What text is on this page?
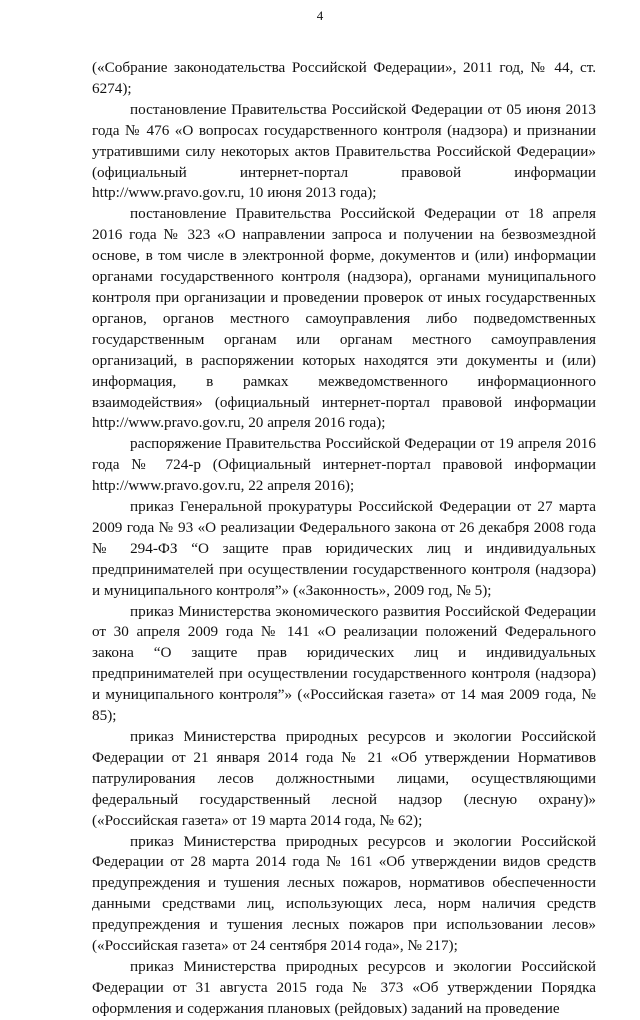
4

(«Собрание законодательства Российской Федерации», 2011 год, № 44, ст. 6274);

постановление Правительства Российской Федерации от 05 июня 2013 года № 476 «О вопросах государственного контроля (надзора) и признании утратившими силу некоторых актов Правительства Российской Федерации» (официальный интернет-портал правовой информации http://www.pravo.gov.ru, 10 июня 2013 года);

постановление Правительства Российской Федерации от 18 апреля 2016 года № 323 «О направлении запроса и получении на безвозмездной основе, в том числе в электронной форме, документов и (или) информации органами государственного контроля (надзора), органами муниципального контроля при организации и проведении проверок от иных государственных органов, органов местного самоуправления либо подведомственных государственным органам или органам местного самоуправления организаций, в распоряжении которых находятся эти документы и (или) информация, в рамках межведомственного информационного взаимодействия» (официальный интернет-портал правовой информации http://www.pravo.gov.ru, 20 апреля 2016 года);

распоряжение Правительства Российской Федерации от 19 апреля 2016 года № 724-р (Официальный интернет-портал правовой информации http://www.pravo.gov.ru, 22 апреля 2016);

приказ Генеральной прокуратуры Российской Федерации от 27 марта 2009 года № 93 «О реализации Федерального закона от 26 декабря 2008 года № 294-ФЗ “О защите прав юридических лиц и индивидуальных предпринимателей при осуществлении государственного контроля (надзора) и муниципального контроля”» («Законность», 2009 год, № 5);

приказ Министерства экономического развития Российской Федерации от 30 апреля 2009 года № 141 «О реализации положений Федерального закона “О защите прав юридических лиц и индивидуальных предпринимателей при осуществлении государственного контроля (надзора) и муниципального контроля”» («Российская газета» от 14 мая 2009 года, № 85);

приказ Министерства природных ресурсов и экологии Российской Федерации от 21 января 2014 года № 21 «Об утверждении Нормативов патрулирования лесов должностными лицами, осуществляющими федеральный государственный лесной надзор (лесную охрану)» («Российская газета» от 19 марта 2014 года, № 62);

приказ Министерства природных ресурсов и экологии Российской Федерации от 28 марта 2014 года № 161 «Об утверждении видов средств предупреждения и тушения лесных пожаров, нормативов обеспеченности данными средствами лиц, использующих леса, норм наличия средств предупреждения и тушения лесных пожаров при использовании лесов» («Российская газета» от 24 сентября 2014 года», № 217);

приказ Министерства природных ресурсов и экологии Российской Федерации от 31 августа 2015 года № 373 «Об утверждении Порядка оформления и содержания плановых (рейдовых) заданий на проведение
